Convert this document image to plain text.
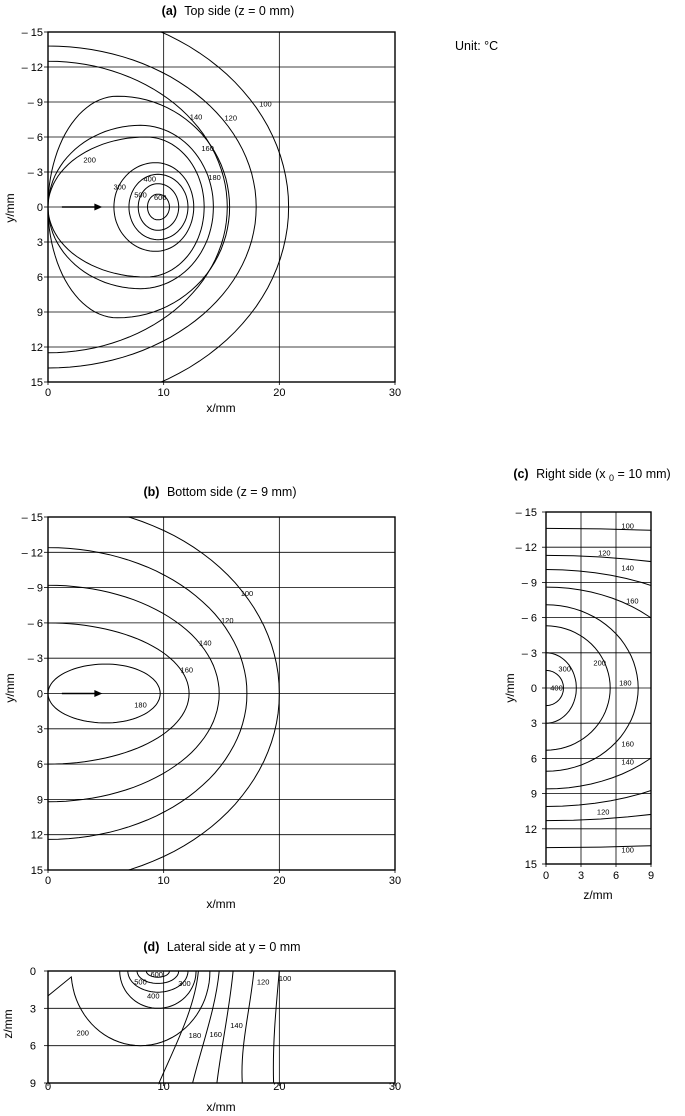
Unit: °C
(a) Top side (z = 0 mm)
– 15
– 12
– 9
– 6
– 3
0
3
6
9
12
15
0	10	20	30
100
120
140
160
180
200
300
400
500 600
x/mm
y/mm
(b) Bottom side (z = 9 mm)
– 15
– 12
– 9
– 6
– 3
0
3
6
9
12
15
0	10	20	30
100
120
140
160
180
x/mm
y/mm
(c) Right side (x $_0$ = 10 mm)
– 15
– 12
– 9
– 6
– 3
0
3
6
9
12
15
0	3	6	9
100
120
140
160
180
200
300
400
160
140
120
100
z/mm
y/mm
(d) Lateral side at y = 0 mm
0
3
6
9 0	10	20	30
100
120
140
160
180
200
300
400
500
600
x/mm
z/mm
